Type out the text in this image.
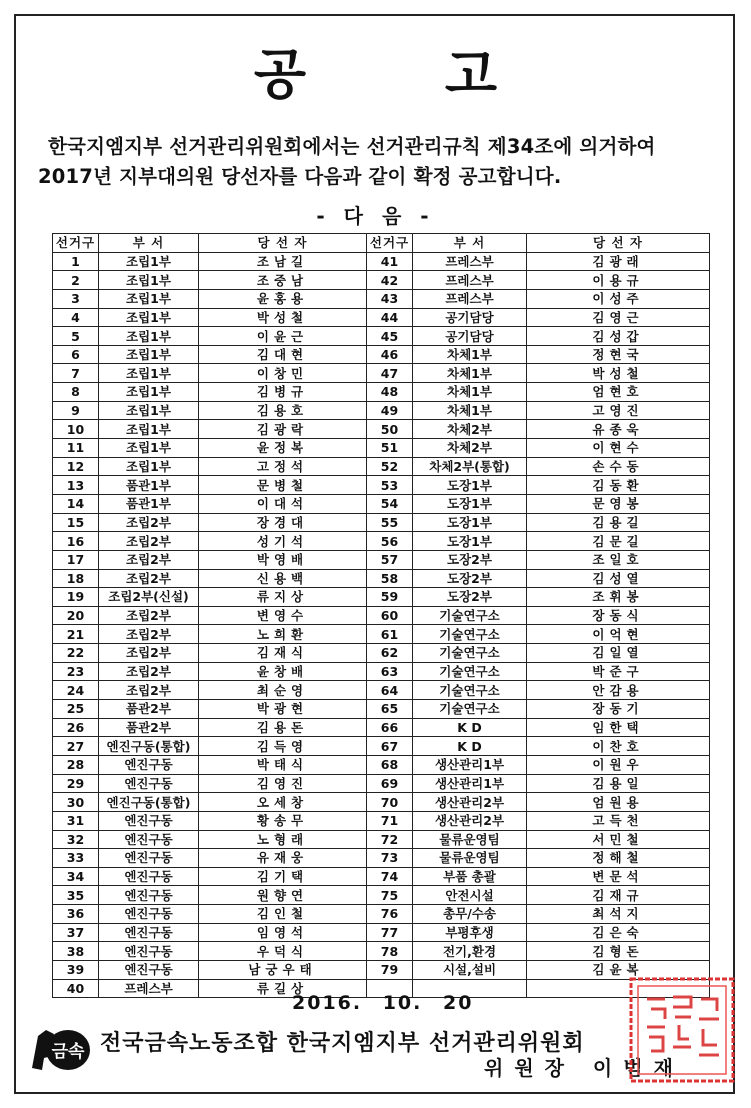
공 고
한국지엠지부 선거관리위원회에서는 선거관리규칙 제34조에 의거하여
2017년 지부대의원 당선자를 다음과 같이 확정 공고합니다.
- 다 음 -
선거구	부 서	당 선 자	선거구	부 서	당 선 자
1	조립1부	조남길	41	프레스부	김광래
2	조립1부	조중남	42	프레스부	이용규
3	조립1부	윤홍용	43	프레스부	이성주
4	조립1부	박성철	44	공기담당	김영근
5	조립1부	이윤근	45	공기담당	김성갑
6	조립1부	김대현	46	차체1부	정현국
7	조립1부	이창민	47	차체1부	박성철
8	조립1부	김병규	48	차체1부	엄현호
9	조립1부	김용호	49	차체1부	고영진
10	조립1부	김광락	50	차체2부	유종욱
11	조립1부	윤정복	51	차체2부	이현수
12	조립1부	고정석	52	차체2부(통합)	손수동
13	품관1부	문병철	53	도장1부	김동환
14	품관1부	이대석	54	도장1부	문영봉
15	조립2부	장경대	55	도장1부	김용길
16	조립2부	성기석	56	도장1부	김문길
17	조립2부	박영배	57	도장2부	조일호
18	조립2부	신용백	58	도장2부	김성열
19	조립2부(신설)	류지상	59	도장2부	조휘봉
20	조립2부	변영수	60	기술연구소	장동식
21	조립2부	노희환	61	기술연구소	이억현
22	조립2부	김재식	62	기술연구소	김일열
23	조립2부	윤창배	63	기술연구소	박준구
24	조립2부	최순영	64	기술연구소	안감용
25	품관2부	박광현	65	기술연구소	장동기
26	품관2부	김용돈	66	K D	임한택
27	엔진구동(통합)	김득영	67	K D	이찬호
28	엔진구동	박태식	68	생산관리1부	이원우
29	엔진구동	김영진	69	생산관리1부	김용일
30	엔진구동(통합)	오세창	70	생산관리2부	엄원용
31	엔진구동	황송무	71	생산관리2부	고득천
32	엔진구동	노형래	72	물류운영팀	서민철
33	엔진구동	유재웅	73	물류운영팀	정해철
34	엔진구동	김기택	74	부품 총괄	변문석
35	엔진구동	원향연	75	안전시설	김재규
36	엔진구동	김인철	76	총무/수송	최석지
37	엔진구동	임영석	77	부평후생	김은숙
38	엔진구동	우덕식	78	전기,환경	김형돈
39	엔진구동	남궁우태	79	시설,설비	김윤복
40	프레스부	류길상			
2016. 10. 20
금속 전국금속노동조합 한국지엠지부 선거관리위원회
위원장 이범재
